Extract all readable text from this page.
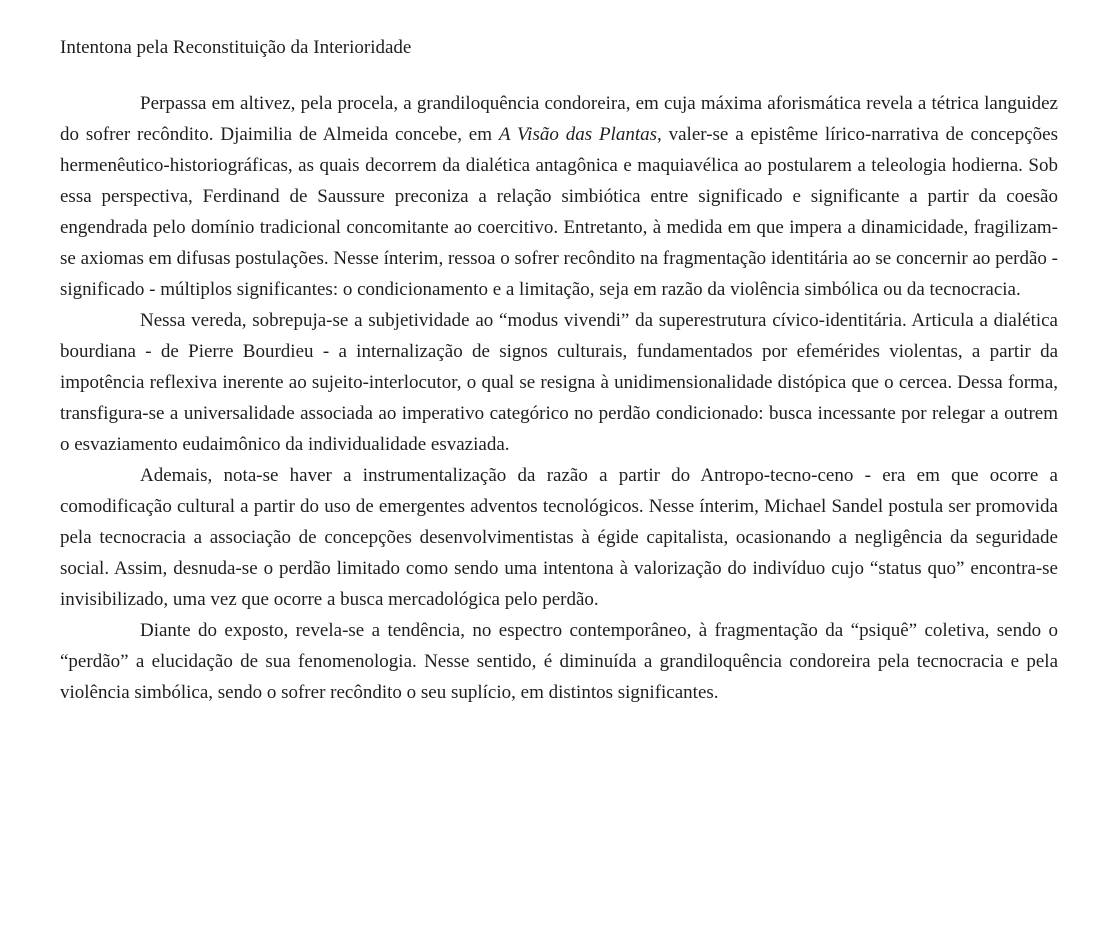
Intentona pela Reconstituição da Interioridade

Perpassa em altivez, pela procela, a grandiloquência condoreira, em cuja máxima aforismática revela a tétrica languidez do sofrer recôndito. Djaimilia de Almeida concebe, em A Visão das Plantas, valer-se a epistême lírico-narrativa de concepções hermenêutico-historiográficas, as quais decorrem da dialética antagônica e maquiavélica ao postularem a teleologia hodierna. Sob essa perspectiva, Ferdinand de Saussure preconiza a relação simbiótica entre significado e significante a partir da coesão engendrada pelo domínio tradicional concomitante ao coercitivo. Entretanto, à medida em que impera a dinamicidade, fragilizam-se axiomas em difusas postulações. Nesse ínterim, ressoa o sofrer recôndito na fragmentação identitária ao se concernir ao perdão - significado - múltiplos significantes: o condicionamento e a limitação, seja em razão da violência simbólica ou da tecnocracia.

Nessa vereda, sobrepuja-se a subjetividade ao “modus vivendi” da superestrutura cívico-identitária. Articula a dialética bourdiana - de Pierre Bourdieu - a internalização de signos culturais, fundamentados por efemérides violentas, a partir da impotência reflexiva inerente ao sujeito-interlocutor, o qual se resigna à unidimensionalidade distópica que o cercea. Dessa forma, transfigura-se a universalidade associada ao imperativo categórico no perdão condicionado: busca incessante por relegar a outrem o esvaziamento eudaimônico da individualidade esvaziada.

Ademais, nota-se haver a instrumentalização da razão a partir do Antropo-tecno-ceno - era em que ocorre a comodificação cultural a partir do uso de emergentes adventos tecnológicos. Nesse ínterim, Michael Sandel postula ser promovida pela tecnocracia a associação de concepções desenvolvimentistas à égide capitalista, ocasionando a negligência da seguridade social. Assim, desnuda-se o perdão limitado como sendo uma intentona à valorização do indivíduo cujo “status quo” encontra-se invisibilizado, uma vez que ocorre a busca mercadológica pelo perdão.

Diante do exposto, revela-se a tendência, no espectro contemporâneo, à fragmentação da “psiquê” coletiva, sendo o “perdão” a elucidação de sua fenomenologia. Nesse sentido, é diminuída a grandiloquência condoreira pela tecnocracia e pela violência simbólica, sendo o sofrer recôndito o seu suplício, em distintos significantes.
